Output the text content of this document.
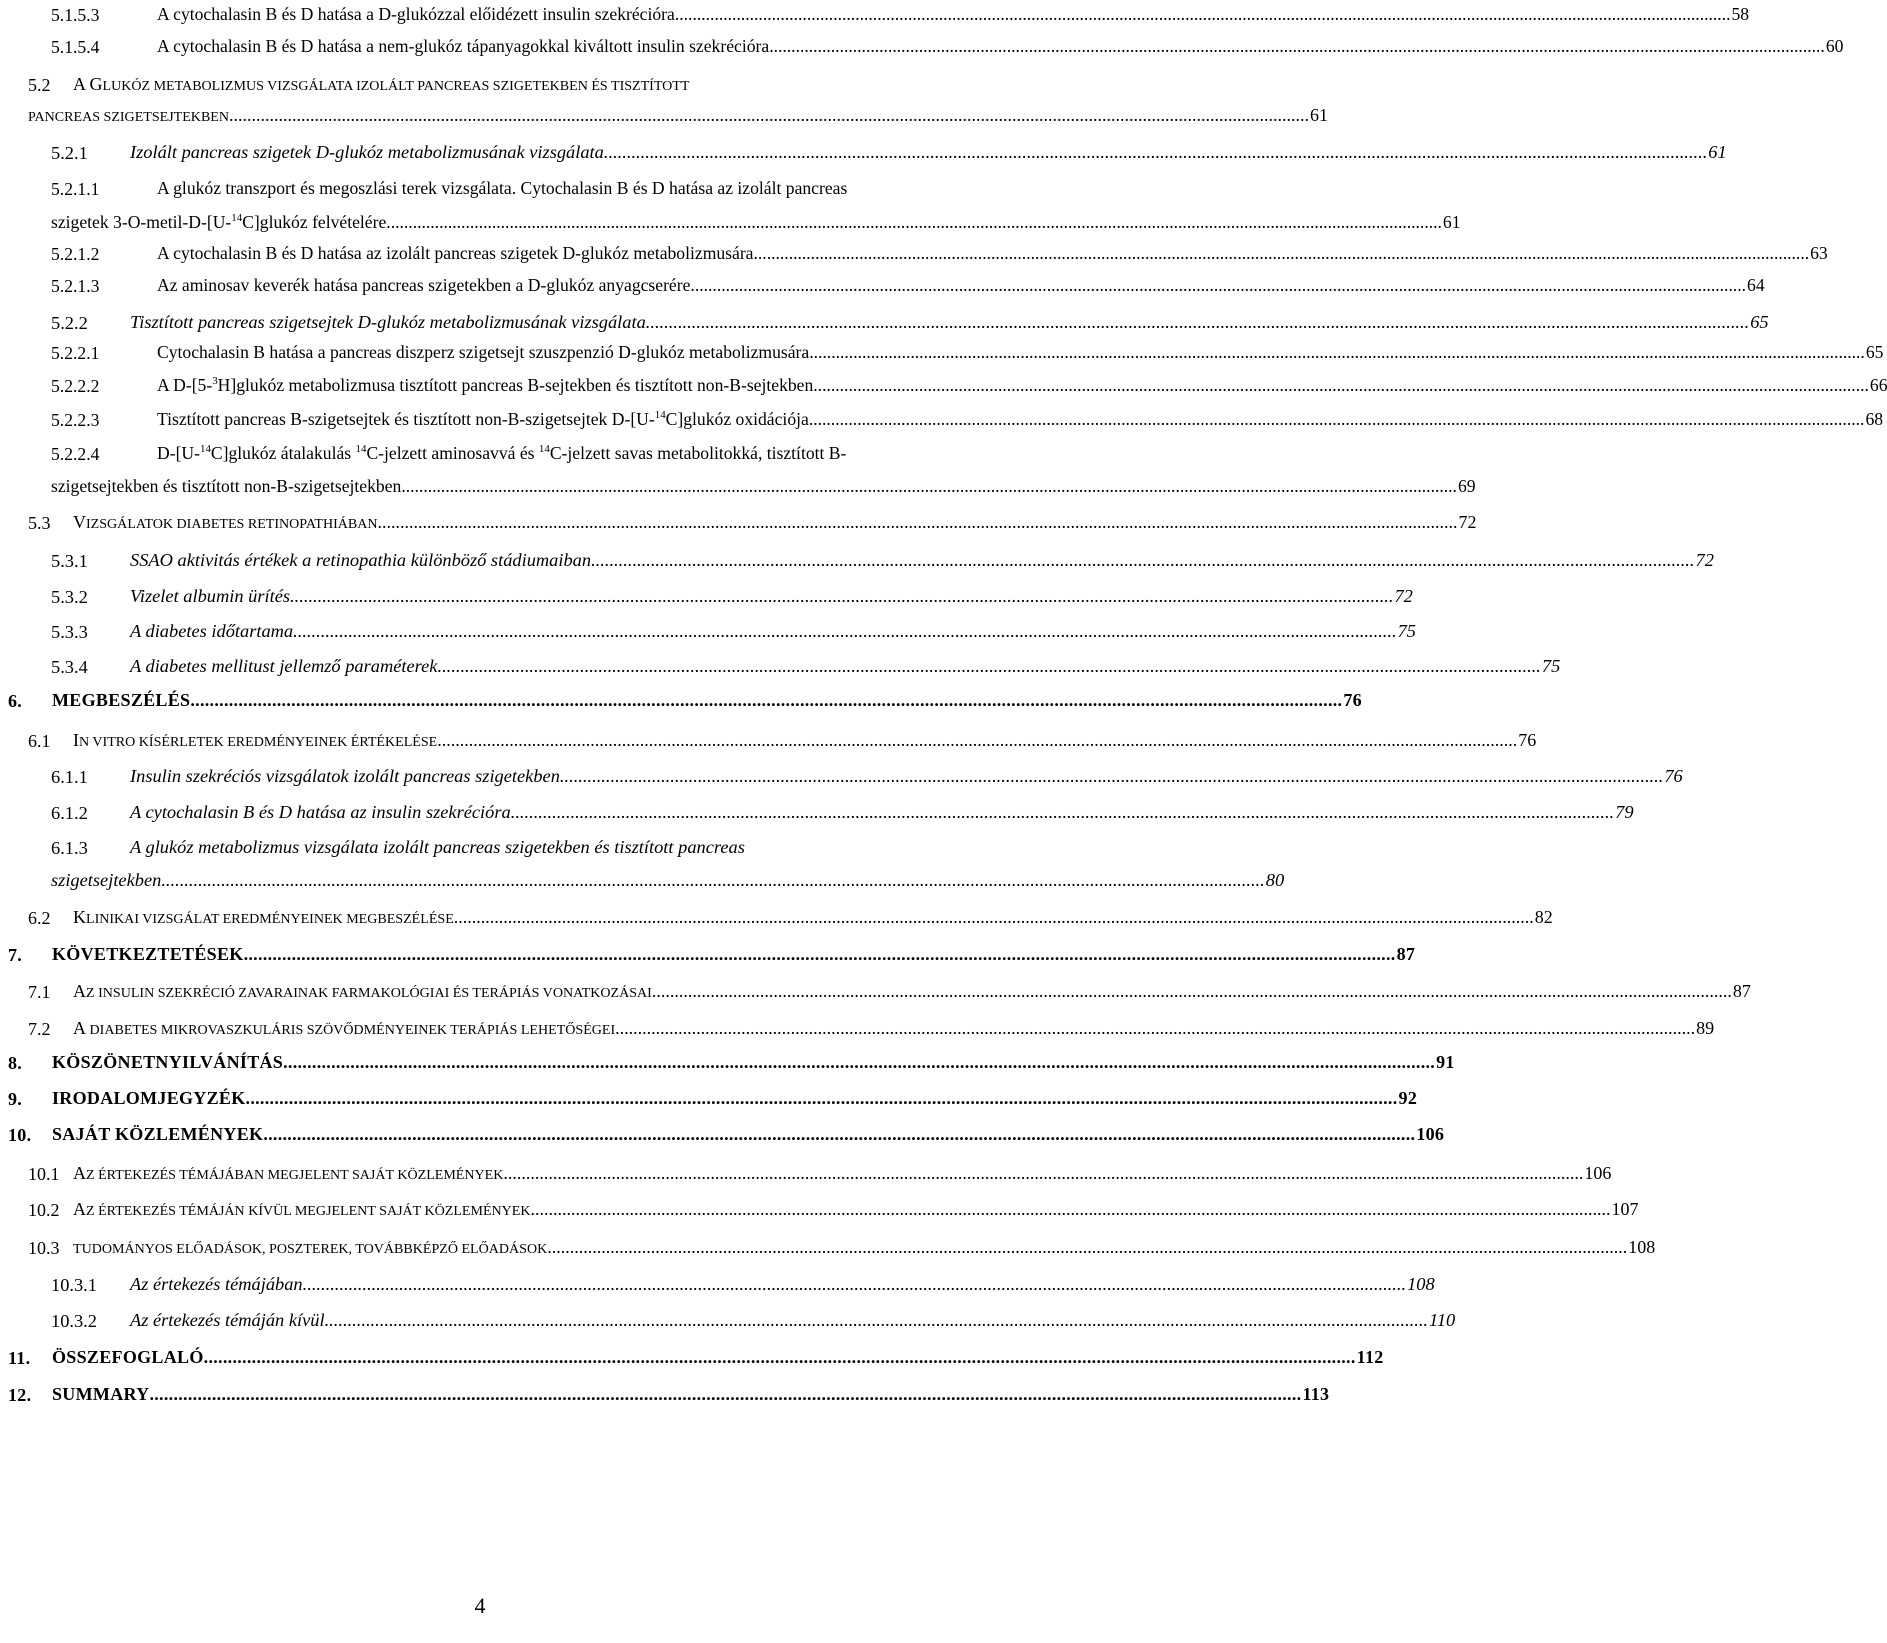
5.1.5.3	A cytochalasin B és D hatása a D-glukózzal előidézett insulin szekrécióra .....	58
5.1.5.4	A cytochalasin B és D hatása a nem-glukóz tápanyagokkal kiváltott insulin szekrécióra .....	60
5.2 A GLUKÓZ METABOLIZMUS VIZSGÁLATA IZOLÁLT PANCREAS SZIGETEKBEN ÉS TISZTÍTOTT
PANCREAS SZIGETSEJTEKBEN .....	61
5.2.1 Izolált pancreas szigetek D-glukóz metabolizmusának vizsgálata .....	61
5.2.1.1	A glukóz transzport és megoszlási terek vizsgálata. Cytochalasin B és D hatása az izolált pancreas
szigetek 3-O-metil-D-[U-$^{14}$C]glukóz felvételére .....	61
5.2.1.2	A cytochalasin B és D hatása az izolált pancreas szigetek D-glukóz metabolizmusára .....	63
5.2.1.3	Az aminosav keverék hatása pancreas szigetekben a D-glukóz anyagcserére .....	64
5.2.2 Tisztított pancreas szigetsejtek D-glukóz metabolizmusának vizsgálata .....	65
5.2.2.1	Cytochalasin B hatása a pancreas diszperz szigetsejt szuszpenzió D-glukóz metabolizmusára .....	65
5.2.2.2	A D-[5-$^3$H]glukóz metabolizmusa tisztított pancreas B-sejtekben és tisztított non-B-sejtekben .....	66
5.2.2.3	Tisztított pancreas B-szigetsejtek és tisztított non-B-szigetsejtek D-[U-$^{14}$C]glukóz oxidációja .....	68
5.2.2.4	D-[U-$^{14}$C]glukóz átalakulás $^{14}$C-jelzett aminosavvá és $^{14}$C-jelzett savas metabolitokká, tisztított B-
szigetsejtekben és tisztított non-B-szigetsejtekben .....	69
5.3 VIZSGÁLATOK DIABETES RETINOPATHIÁBAN .....	72
5.3.1 SSAO aktivitás értékek a retinopathia különböző stádiumaiban .....	72
5.3.2 Vizelet albumin ürítés .....	72
5.3.3 A diabetes időtartama .....	75
5.3.4 A diabetes mellitust jellemző paraméterek .....	75
6. MEGBESZÉLÉS .....	76
6.1 IN VITRO KÍSÉRLETEK EREDMÉNYEINEK ÉRTÉKELÉSE .....	76
6.1.1 Insulin szekréciós vizsgálatok izolált pancreas szigetekben .....	76
6.1.2 A cytochalasin B és D hatása az insulin szekrécióra .....	79
6.1.3 A glukóz metabolizmus vizsgálata izolált pancreas szigetekben és tisztított pancreas
szigetsejtekben .....	80
6.2 KLINIKAI VIZSGÁLAT EREDMÉNYEINEK MEGBESZÉLÉSE .....	82
7. KÖVETKEZTETÉSEK .....	87
7.1 AZ INSULIN SZEKRÉCIÓ ZAVARAINAK FARMAKOLÓGIAI ÉS TERÁPIÁS VONATKOZÁSAI .....	87
7.2 A DIABETES MIKROVASZKULÁRIS SZÖVŐDMÉNYEINEK TERÁPIÁS LEHETŐSÉGEI .....	89
8. KÖSZÖNETNYILVÁNÍTÁS .....	91
9. IRODALOMJEGYZÉK .....	92
10. SAJÁT KÖZLEMÉNYEK .....	106
10.1 AZ ÉRTEKEZÉS TÉMÁJÁBAN MEGJELENT SAJÁT KÖZLEMÉNYEK .....	106
10.2 AZ ÉRTEKEZÉS TÉMÁJÁN KÍVÜL MEGJELENT SAJÁT KÖZLEMÉNYEK .....	107
10.3 TUDOMÁNYOS ELŐADÁSOK, POSZTEREK, TOVÁBBKÉPZŐ ELŐADÁSOK .....	108
10.3.1 Az értekezés témájában .....	108
10.3.2 Az értekezés témáján kívül .....	110
11. ÖSSZEFOGLALÓ .....	112
12. SUMMARY .....	113
4
